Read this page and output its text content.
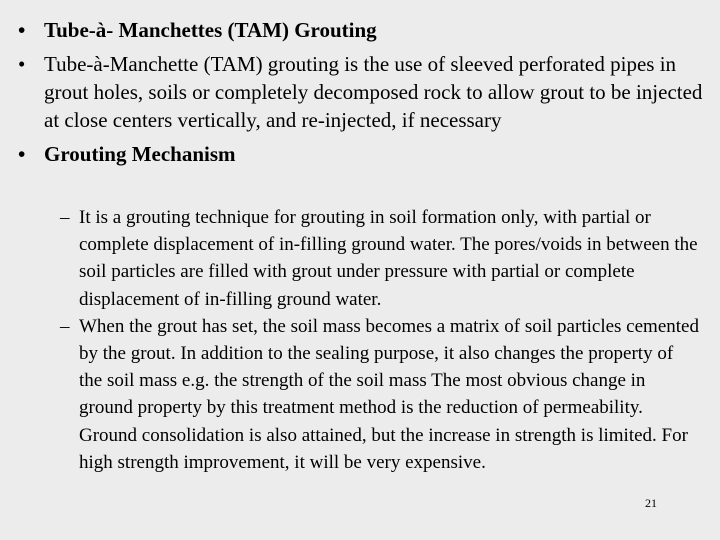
• Tube-à- Manchettes (TAM) Grouting
• Tube-à-Manchette (TAM) grouting is the use of sleeved perforated pipes in grout holes, soils or completely decomposed rock to allow grout to be injected at close centers vertically, and re-injected, if necessary
• Grouting Mechanism
– It is a grouting technique for grouting in soil formation only, with partial or complete displacement of in-filling ground water. The pores/voids in between the soil particles are filled with grout under pressure with partial or complete displacement of in-filling ground water.
– When the grout has set, the soil mass becomes a matrix of soil particles cemented by the grout. In addition to the sealing purpose, it also changes the property of the soil mass e.g. the strength of the soil mass The most obvious change in ground property by this treatment method is the reduction of permeability. Ground consolidation is also attained, but the increase in strength is limited. For high strength improvement, it will be very expensive.
21
